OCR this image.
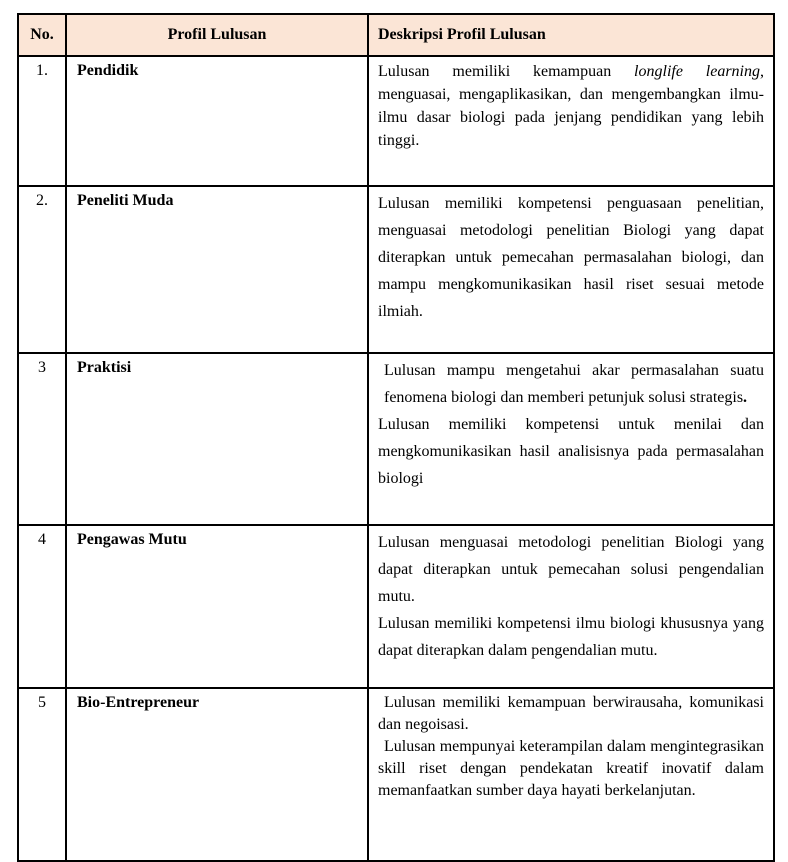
No.	Profil Lulusan	Deskripsi Profil Lulusan
1.	Pendidik	Lulusan memiliki kemampuan longlife learning, menguasai, mengaplikasikan, dan mengembangkan ilmu-ilmu dasar biologi pada jenjang pendidikan yang lebih tinggi.

2.	Peneliti Muda	Lulusan memiliki kompetensi penguasaan penelitian, menguasai metodologi penelitian Biologi yang dapat diterapkan untuk pemecahan permasalahan biologi, dan mampu mengkomunikasikan hasil riset sesuai metode ilmiah.

3	Praktisi	Lulusan mampu mengetahui akar permasalahan suatu fenomena biologi dan memberi petunjuk solusi strategis.

Lulusan memiliki kompetensi untuk menilai dan mengkomunikasikan hasil analisisnya pada permasalahan biologi

4	Pengawas Mutu	Lulusan menguasai metodologi penelitian Biologi yang dapat diterapkan untuk pemecahan solusi pengendalian mutu.

Lulusan memiliki kompetensi ilmu biologi khususnya yang dapat diterapkan dalam pengendalian mutu.

5	Bio-Entrepreneur	Lulusan memiliki kemampuan berwirausaha, komunikasi dan negoisasi.

Lulusan mempunyai keterampilan dalam mengintegrasikan skill riset dengan pendekatan kreatif inovatif dalam memanfaatkan sumber daya hayati berkelanjutan.
